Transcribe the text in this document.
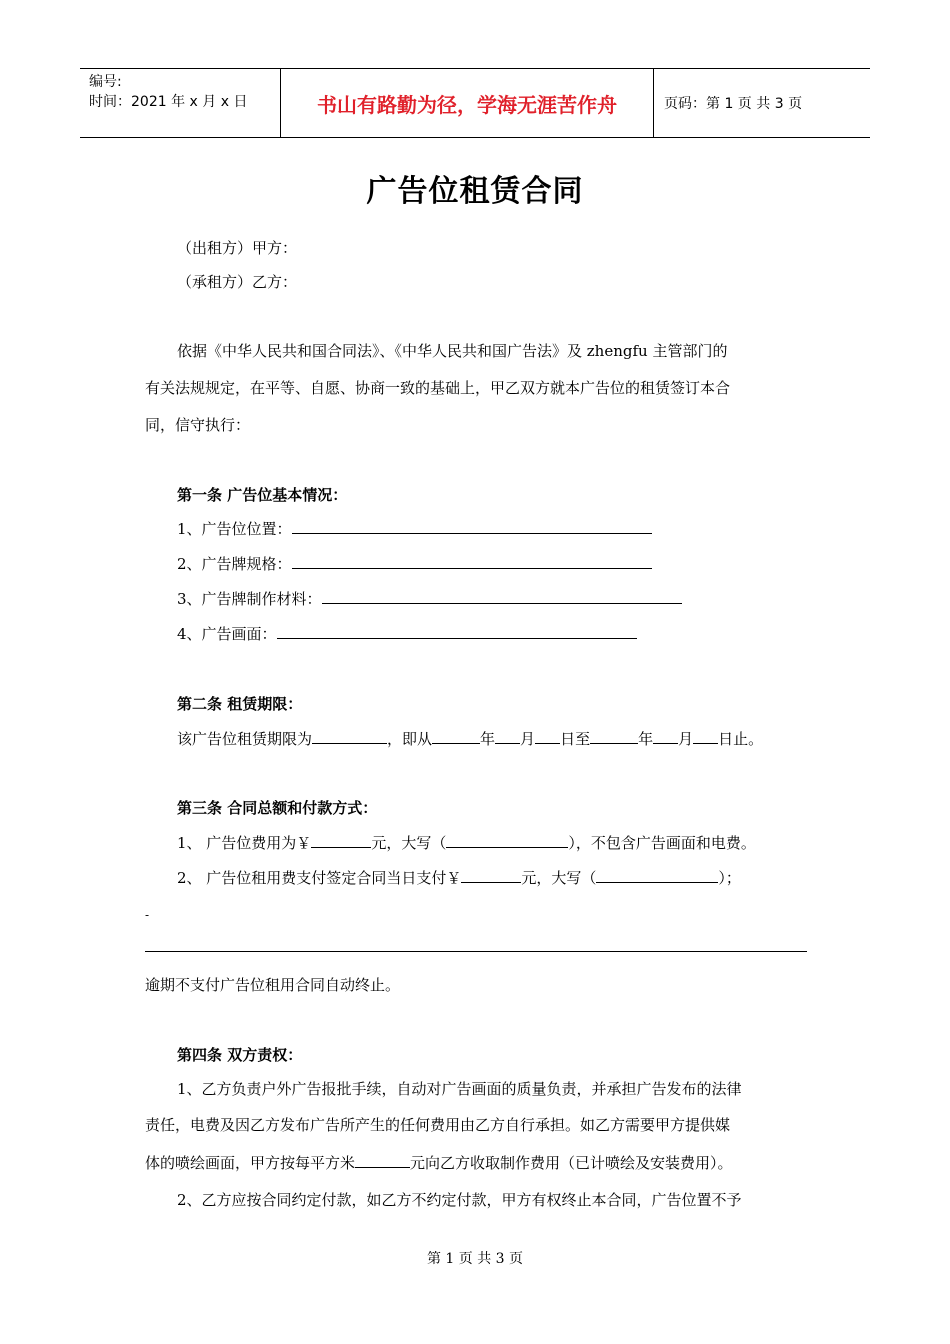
编号:
时间：2021 年 x 月 x 日	书山有路勤为径，学海无涯苦作舟	页码：第 1 页 共 3 页
广告位租赁合同
（出租方）甲方：
（承租方）乙方：
依据《中华人民共和国合同法》、《中华人民共和国广告法》及 zhengfu 主管部门的
有关法规规定，在平等、自愿、协商一致的基础上，甲乙双方就本广告位的租赁签订本合
同，信守执行：
第一条 广告位基本情况：
1、广告位位置：
2、广告牌规格：
3、广告牌制作材料：
4、广告画面：
第二条 租赁期限：
该广告位租赁期限为	，即从	年 月 日至	年 月 日止。
第三条 合同总额和付款方式：
1、 广告位费用为￥	元，大写（	），不包含广告画面和电费。
2、 广告位租用费支付签定合同当日支付￥	元，大写（	）；
-
逾期不支付广告位租用合同自动终止。
第四条 双方责权：
1、乙方负责户外广告报批手续，自动对广告画面的质量负责，并承担广告发布的法律
责任，电费及因乙方发布广告所产生的任何费用由乙方自行承担。如乙方需要甲方提供媒
体的喷绘画面，甲方按每平方米	元向乙方收取制作费用（已计喷绘及安装费用）。
2、乙方应按合同约定付款，如乙方不约定付款，甲方有权终止本合同，广告位置不予
第 1 页 共 3 页
